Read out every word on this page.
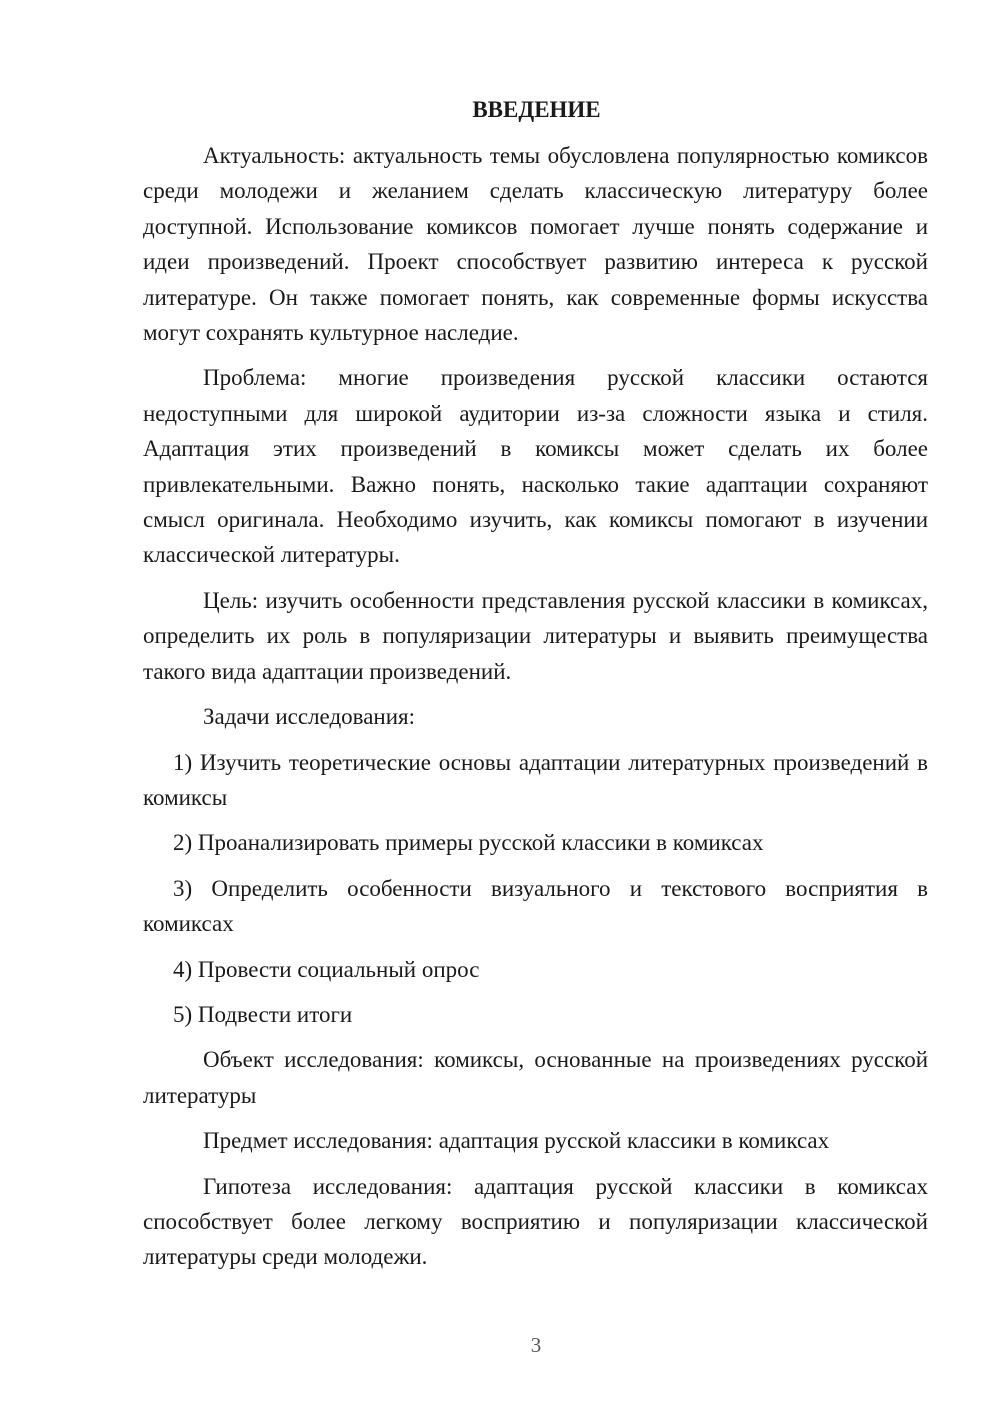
ВВЕДЕНИЕ

Актуальность: актуальность темы обусловлена популярностью комиксов среди молодежи и желанием сделать классическую литературу более доступной. Использование комиксов помогает лучше понять содержание и идеи произведений. Проект способствует развитию интереса к русской литературе. Он также помогает понять, как современные формы искусства могут сохранять культурное наследие.

Проблема: многие произведения русской классики остаются недоступными для широкой аудитории из-за сложности языка и стиля. Адаптация этих произведений в комиксы может сделать их более привлекательными. Важно понять, насколько такие адаптации сохраняют смысл оригинала. Необходимо изучить, как комиксы помогают в изучении классической литературы.

Цель: изучить особенности представления русской классики в комиксах, определить их роль в популяризации литературы и выявить преимущества такого вида адаптации произведений.

Задачи исследования:

1) Изучить теоретические основы адаптации литературных произведений в комиксы

2) Проанализировать примеры русской классики в комиксах

3) Определить особенности визуального и текстового восприятия в комиксах

4) Провести социальный опрос

5) Подвести итоги

Объект исследования: комиксы, основанные на произведениях русской литературы

Предмет исследования: адаптация русской классики в комиксах

Гипотеза исследования: адаптация русской классики в комиксах способствует более легкому восприятию и популяризации классической литературы среди молодежи.

3
